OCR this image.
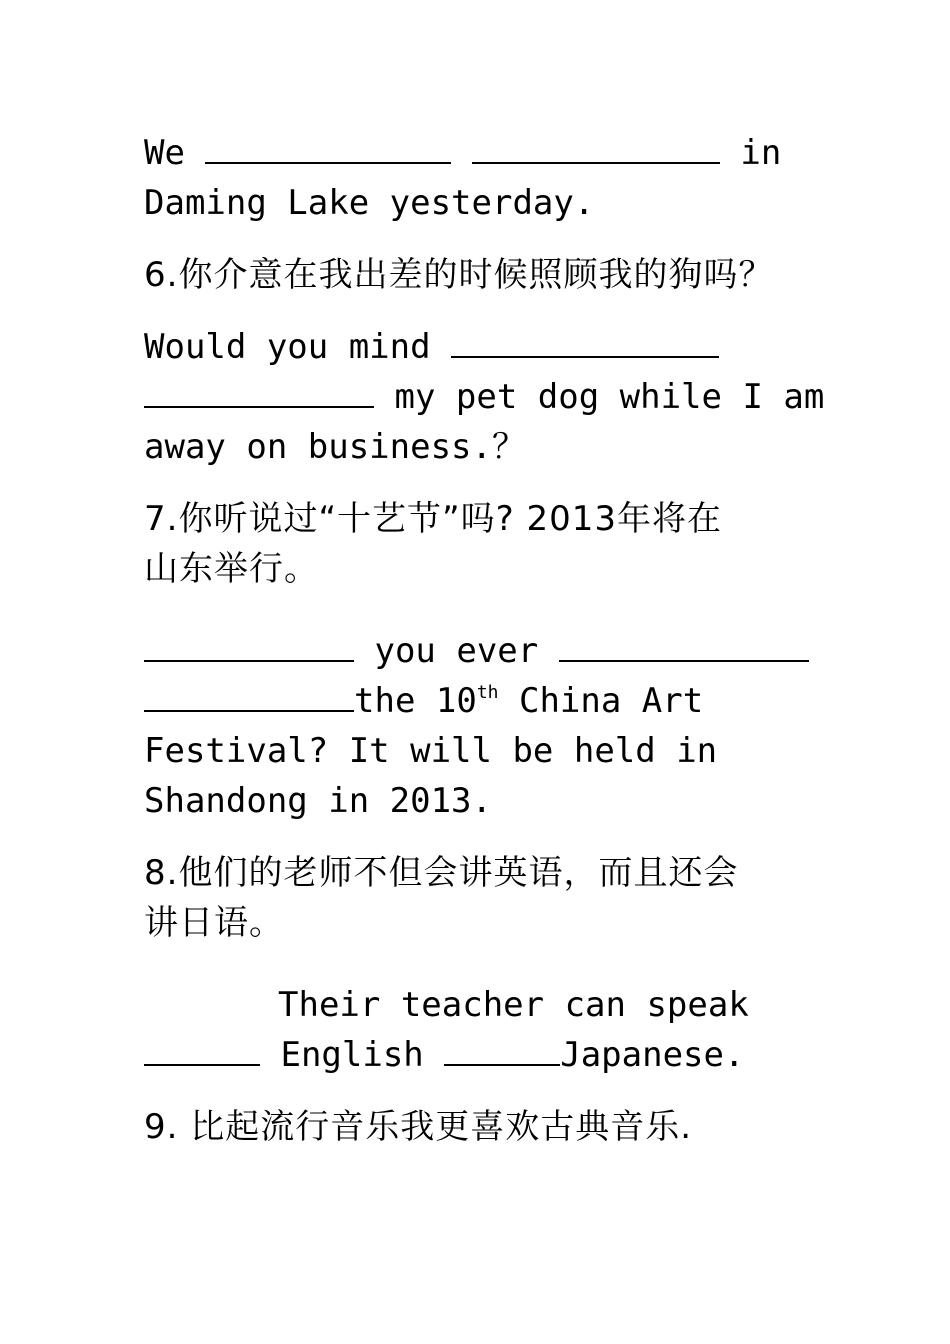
We	in

Daming Lake yesterday.

6.你介意在我出差的时候照顾我的狗吗？

Would you mind

my pet dog while I am

away on business.？

7.你听说过“十艺节”吗? 2013年将在

山东举行。

you ever

the 10th China Art

Festival? It will be held in

Shandong in 2013.

8.他们的老师不但会讲英语，而且还会

讲日语。

Their teacher can speak

English	Japanese.

9. 比起流行音乐我更喜欢古典音乐.
